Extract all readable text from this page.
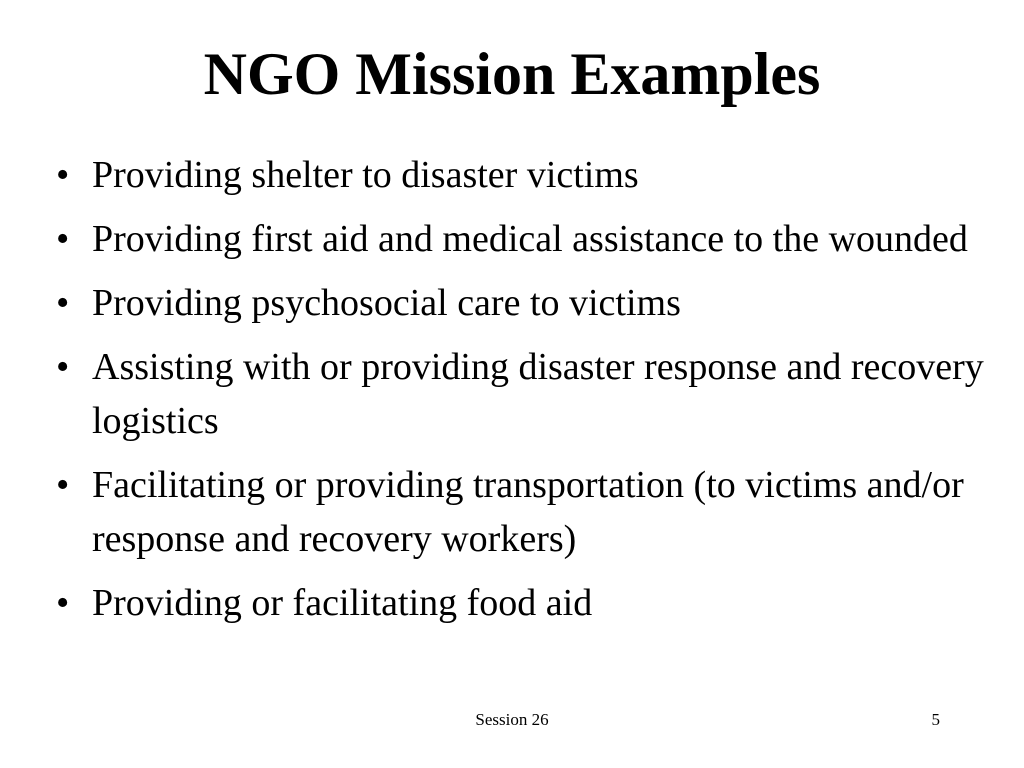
NGO Mission Examples
• Providing shelter to disaster victims
• Providing first aid and medical assistance to the wounded
• Providing psychosocial care to victims
• Assisting with or providing disaster response and recovery logistics
• Facilitating or providing transportation (to victims and/or response and recovery workers)
• Providing or facilitating food aid
Session 26	5
